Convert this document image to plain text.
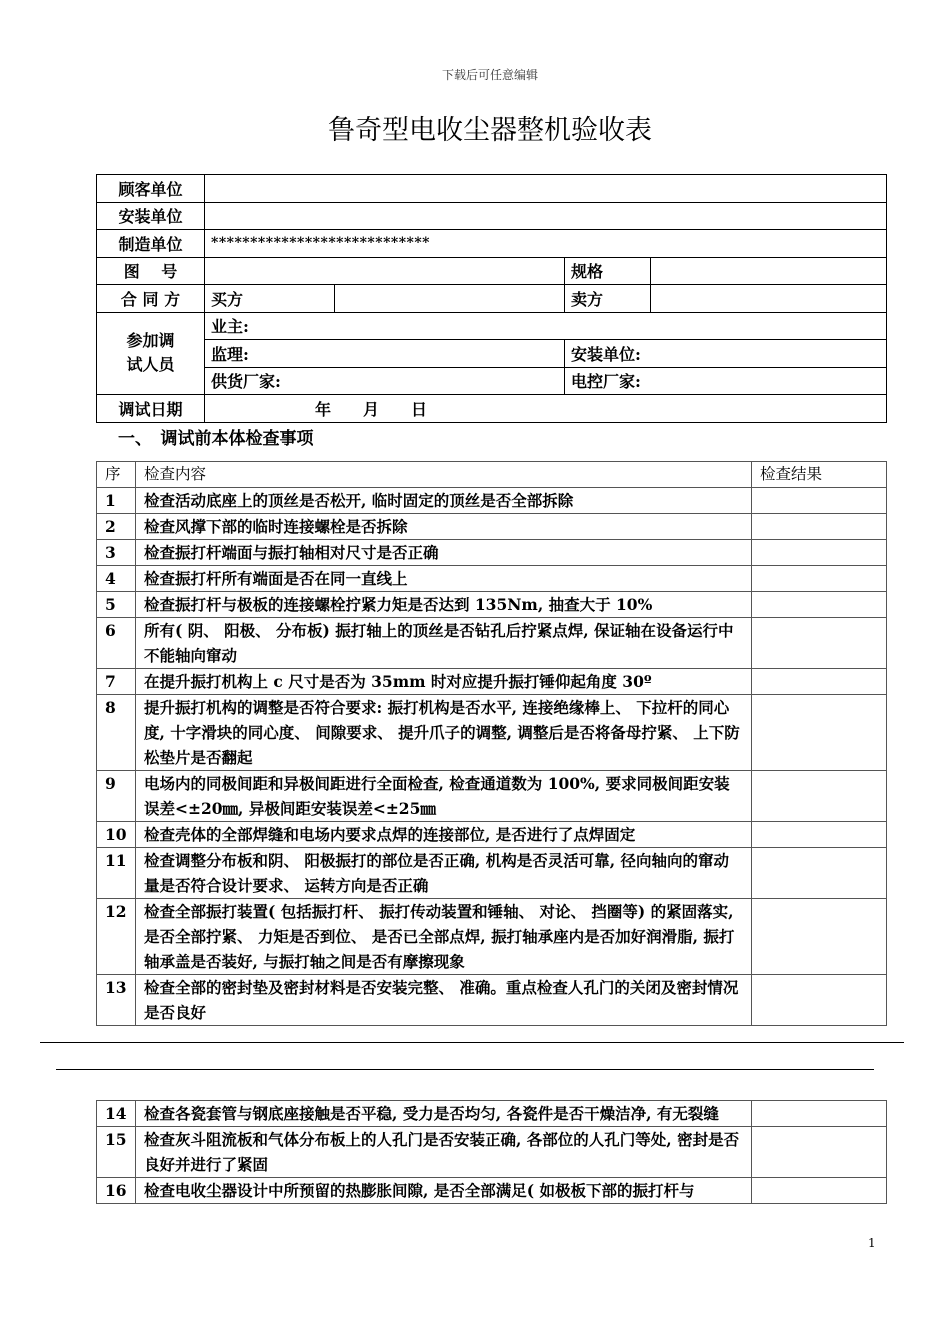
下载后可任意编辑
鲁奇型电收尘器整机验收表
顾客单位				
安装单位				
制造单位	****************************			
图　 号			规格	
合 同 方	买方		卖方	
参加调
试人员	业主:			
	监理:		安装单位:	
	供货厂家:		电控厂家:	
调试日期	年　　月　　日			
一、　调试前本体检查事项
序	检查内容	检查结果
1	检查活动底座上的顶丝是否松开, 临时固定的顶丝是否全部拆除	
2	检查风撑下部的临时连接螺栓是否拆除	
3	检查振打杆端面与振打轴相对尺寸是否正确	
4	检查振打杆所有端面是否在同一直线上	
5	检查振打杆与极板的连接螺栓拧紧力矩是否达到 135Nm, 抽查大于 10%	
6	所有( 阴、 阳极、 分布板) 振打轴上的顶丝是否钻孔后拧紧点焊, 保证轴在设备运行中不能轴向窜动	
7	在提升振打机构上 c 尺寸是否为 35mm 时对应提升振打锤仰起角度 30º	
8	提升振打机构的调整是否符合要求: 振打机构是否水平, 连接绝缘棒上、 下拉杆的同心度, 十字滑块的同心度、 间隙要求、 提升爪子的调整, 调整后是否将备母拧紧、 上下防松垫片是否翻起	
9	电场内的同极间距和异极间距进行全面检查, 检查通道数为 100%, 要求同极间距安装误差<±20㎜, 异极间距安装误差<±25㎜	
10	检查壳体的全部焊缝和电场内要求点焊的连接部位, 是否进行了点焊固定	
11	检查调整分布板和阴、 阳极振打的部位是否正确, 机构是否灵活可靠, 径向轴向的窜动量是否符合设计要求、 运转方向是否正确	
12	检查全部振打装置( 包括振打杆、 振打传动装置和锤轴、 对论、 挡圈等) 的紧固落实, 是否全部拧紧、 力矩是否到位、 是否已全部点焊, 振打轴承座内是否加好润滑脂, 振打轴承盖是否装好, 与振打轴之间是否有摩擦现象	
13	检查全部的密封垫及密封材料是否安装完整、 准确。重点检查人孔门的关闭及密封情况是否良好	
14	检查各瓷套管与钢底座接触是否平稳, 受力是否均匀, 各瓷件是否干燥洁净, 有无裂缝	
15	检查灰斗阻流板和气体分布板上的人孔门是否安装正确, 各部位的人孔门等处, 密封是否良好并进行了紧固	
16	检查电收尘器设计中所预留的热膨胀间隙, 是否全部满足( 如极板下部的振打杆与	
1
